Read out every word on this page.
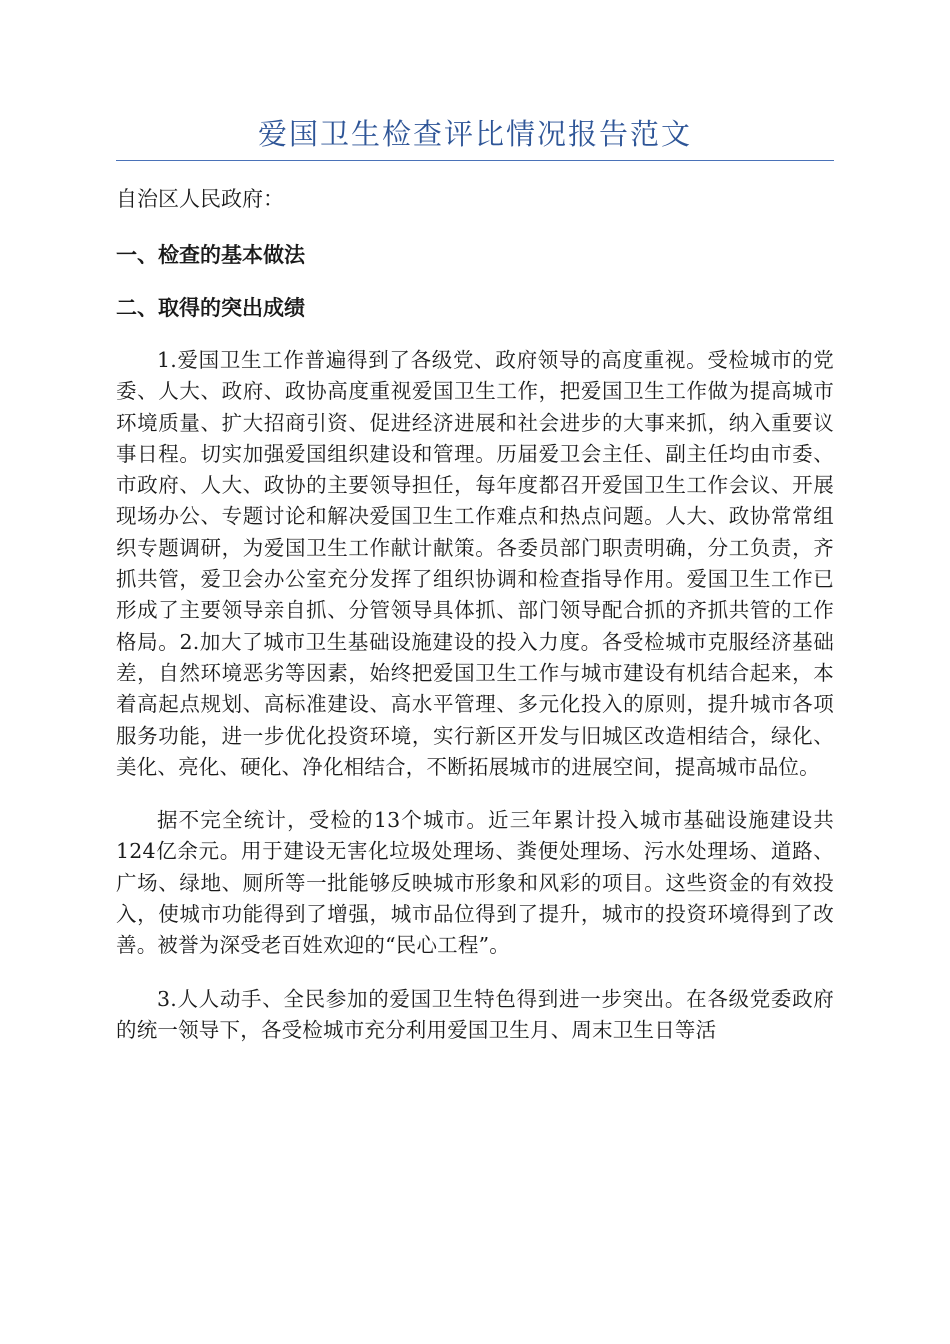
爱国卫生检查评比情况报告范文

自治区人民政府：

一、检查的基本做法

二、取得的突出成绩

1.爱国卫生工作普遍得到了各级党、政府领导的高度重视。受检城市的党委、人大、政府、政协高度重视爱国卫生工作，把爱国卫生工作做为提高城市环境质量、扩大招商引资、促进经济进展和社会进步的大事来抓，纳入重要议事日程。切实加强爱国组织建设和管理。历届爱卫会主任、副主任均由市委、市政府、人大、政协的主要领导担任，每年度都召开爱国卫生工作会议、开展现场办公、专题讨论和解决爱国卫生工作难点和热点问题。人大、政协常常组织专题调研，为爱国卫生工作献计献策。各委员部门职责明确，分工负责，齐抓共管，爱卫会办公室充分发挥了组织协调和检查指导作用。爱国卫生工作已形成了主要领导亲自抓、分管领导具体抓、部门领导配合抓的齐抓共管的工作格局。2.加大了城市卫生基础设施建设的投入力度。各受检城市克服经济基础差，自然环境恶劣等因素，始终把爱国卫生工作与城市建设有机结合起来，本着高起点规划、高标准建设、高水平管理、多元化投入的原则，提升城市各项服务功能，进一步优化投资环境，实行新区开发与旧城区改造相结合，绿化、美化、亮化、硬化、净化相结合，不断拓展城市的进展空间，提高城市品位。

据不完全统计，受检的13个城市。近三年累计投入城市基础设施建设共124亿余元。用于建设无害化垃圾处理场、粪便处理场、污水处理场、道路、广场、绿地、厕所等一批能够反映城市形象和风彩的项目。这些资金的有效投入，使城市功能得到了增强，城市品位得到了提升，城市的投资环境得到了改善。被誉为深受老百姓欢迎的“民心工程”。

3.人人动手、全民参加的爱国卫生特色得到进一步突出。在各级党委政府的统一领导下，各受检城市充分利用爱国卫生月、周末卫生日等活
